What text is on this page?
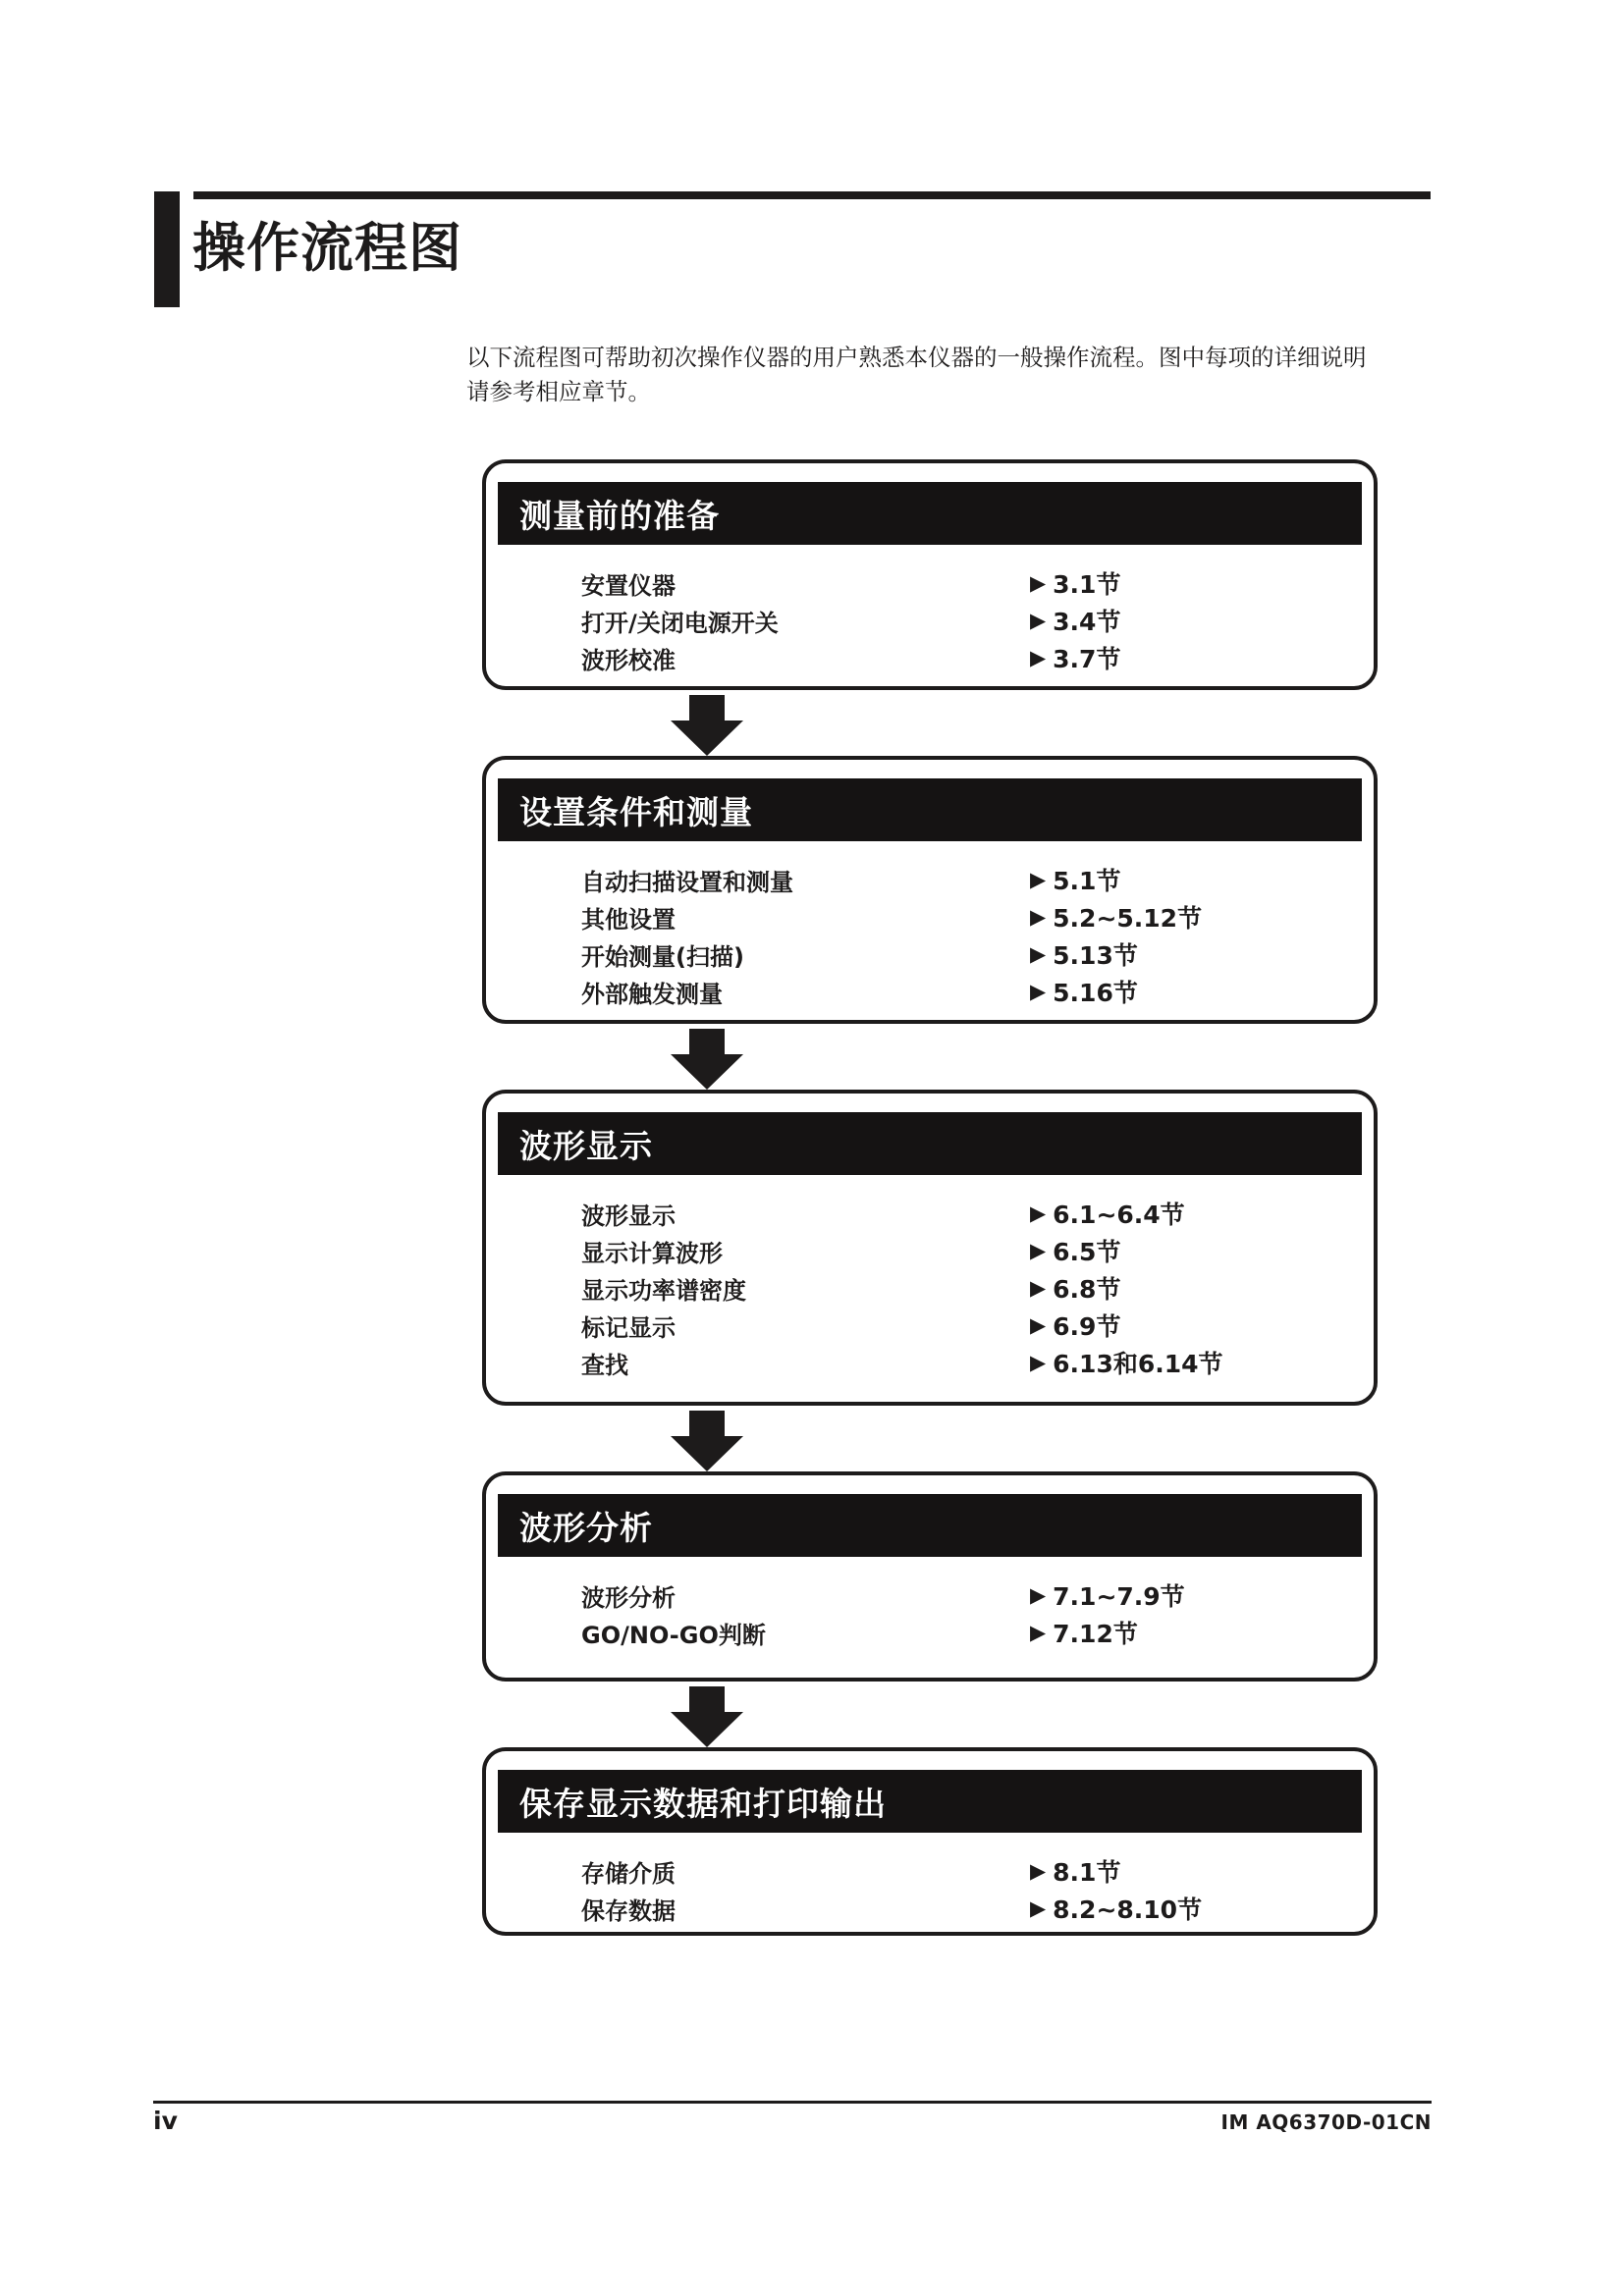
操作流程图
以下流程图可帮助初次操作仪器的用户熟悉本仪器的一般操作流程。图中每项的详细说明
请参考相应章节。
测量前的准备
安置仪器	▶ 3.1节
打开/关闭电源开关	▶ 3.4节
波形校准	▶ 3.7节
设置条件和测量
自动扫描设置和测量	▶ 5.1节
其他设置	▶ 5.2~5.12节
开始测量(扫描)	▶ 5.13节
外部触发测量	▶ 5.16节
波形显示
波形显示	▶ 6.1~6.4节
显示计算波形	▶ 6.5节
显示功率谱密度	▶ 6.8节
标记显示	▶ 6.9节
查找	▶ 6.13和6.14节
波形分析
波形分析	▶ 7.1~7.9节
GO/NO-GO判断	▶ 7.12节
保存显示数据和打印输出
存储介质	▶ 8.1节
保存数据	▶ 8.2~8.10节
iv	IM AQ6370D-01CN
